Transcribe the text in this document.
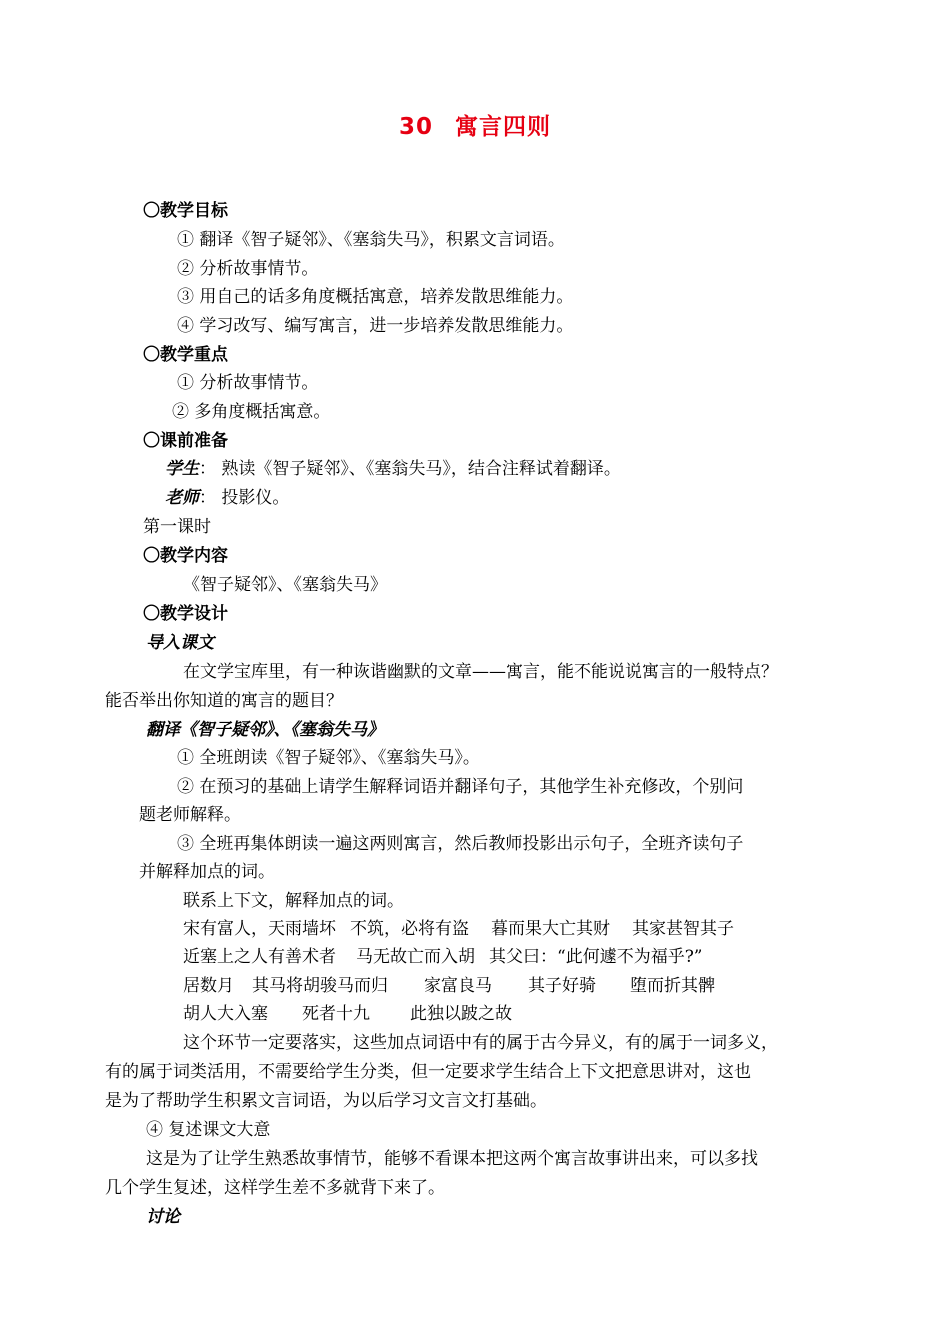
30 寓言四则
〇教学目标
① 翻译《智子疑邻》、《塞翁失马》，积累文言词语。
② 分析故事情节。
③ 用自己的话多角度概括寓意，培养发散思维能力。
④ 学习改写、编写寓言，进一步培养发散思维能力。
〇教学重点
① 分析故事情节。
② 多角度概括寓意。
〇课前准备
学生： 熟读《智子疑邻》、《塞翁失马》，结合注释试着翻译。
老师： 投影仪。
第一课时
〇教学内容
《智子疑邻》、《塞翁失马》
〇教学设计
导入课文
在文学宝库里，有一种诙谐幽默的文章——寓言，能不能说说寓言的一般特点？
能否举出你知道的寓言的题目？
翻译《智子疑邻》、《塞翁失马》
① 全班朗读《智子疑邻》、《塞翁失马》。
② 在预习的基础上请学生解释词语并翻译句子，其他学生补充修改，个别问
题老师解释。
③ 全班再集体朗读一遍这两则寓言，然后教师投影出示句子，全班齐读句子
并解释加点的词。
联系上下文，解释加点的词。
宋有富人，天雨墙坏 不筑，必将有盗 暮而果大亡其财 其家甚智其子
近塞上之人有善术者 马无故亡而入胡 其父曰：“此何遽不为福乎?”
居数月 其马将胡骏马而归 家富良马 其子好骑 堕而折其髀
胡人大入塞 死者十九 此独以跛之故
这个环节一定要落实，这些加点词语中有的属于古今异义，有的属于一词多义，
有的属于词类活用，不需要给学生分类，但一定要求学生结合上下文把意思讲对，这也
是为了帮助学生积累文言词语，为以后学习文言文打基础。
④ 复述课文大意
这是为了让学生熟悉故事情节，能够不看课本把这两个寓言故事讲出来，可以多找
几个学生复述，这样学生差不多就背下来了。
讨论
